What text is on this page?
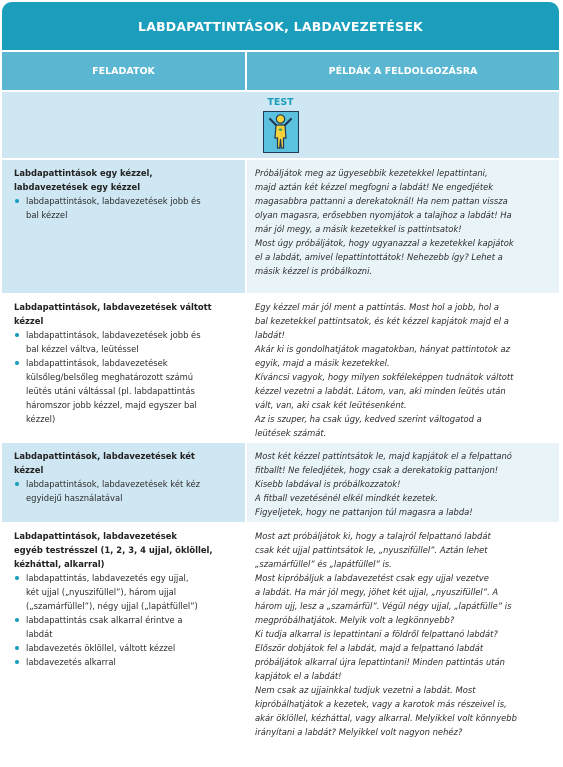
LABDAPATTINTÁSOK, LABDAVEZETÉSEK
FELADATOK	PÉLDÁK A FELDOLGOZÁSRA
TEST
Labdapattintások egy kézzel,
labdavezetések egy kézzel
labdapattintások, labdavezetések jobb és
bal kézzel
Próbáljátok meg az ügyesebbik kezetekkel lepattintani,
majd aztán két kézzel megfogni a labdát! Ne engedjétek
magasabbra pattanni a derekatoknál! Ha nem pattan vissza
olyan magasra, erősebben nyomjátok a talajhoz a labdát! Ha
már jól megy, a másik kezetekkel is pattintsatok!
Most úgy próbáljátok, hogy ugyanazzal a kezetekkel kapjátok
el a labdát, amivel lepattintottátok! Nehezebb így? Lehet a
másik kézzel is próbálkozni.
Labdapattintások, labdavezetések váltott
kézzel
labdapattintások, labdavezetések jobb és
bal kézzel váltva, leütéssel
labdapattintások, labdavezetések
külsőleg/belsőleg meghatározott számú
leütés utáni váltással (pl. labdapattintás
háromszor jobb kézzel, majd egyszer bal
kézzel)
Egy kézzel már jól ment a pattintás. Most hol a jobb, hol a
bal kezetekkel pattintsatok, és két kézzel kapjátok majd el a
labdát!
Akár ki is gondolhatjátok magatokban, hányat pattintotok az
egyik, majd a másik kezetekkel.
Kíváncsi vagyok, hogy milyen sokféleképpen tudnátok váltott
kézzel vezetni a labdát. Látom, van, aki minden leütés után
vált, van, aki csak két leütésenként.
Az is szuper, ha csak úgy, kedved szerint váltogatod a
leütések számát.
Labdapattintások, labdavezetések két
kézzel
labdapattintások, labdavezetések két kéz
egyidejű használatával
Most két kézzel pattintsátok le, majd kapjátok el a felpattanó
fitballt! Ne feledjétek, hogy csak a derekatokig pattanjon!
Kisebb labdával is próbálkozzatok!
A fitball vezetésénél elkél mindkét kezetek.
Figyeljetek, hogy ne pattanjon túl magasra a labda!
Labdapattintások, labdavezetések
egyéb testrésszel (1, 2, 3, 4 ujjal, öklöllel,
kézháttal, alkarral)
labdapattintás, labdavezetés egy ujjal,
két ujjal („nyuszifüllel”), három ujjal
(„szamárfüllel”), négy ujjal („lapátfüllel”)
labdapattintás csak alkarral érintve a
labdát
labdavezetés öklöllel, váltott kézzel
labdavezetés alkarral
Most azt próbáljátok ki, hogy a talajról felpattanó labdát
csak két ujjal pattintsátok le, „nyuszifüllel”. Aztán lehet
„szamárfüllel” és „lapátfüllel” is.
Most kipróbáljuk a labdavezetést csak egy ujjal vezetve
a labdát. Ha már jól megy, jöhet két ujjal, „nyuszifüllel”. A
három ujj, lesz a „szamárfül”. Végül négy ujjal, „lapátfülle” is
megpróbálhatjátok. Melyik volt a legkönnyebb?
Ki tudja alkarral is lepattintani a földről felpattanó labdát?
Először dobjátok fel a labdát, majd a felpattanó labdát
próbáljátok alkarral újra lepattintani! Minden pattintás után
kapjátok el a labdát!
Nem csak az ujjainkkal tudjuk vezetni a labdát. Most
kipróbálhatjátok a kezetek, vagy a karotok más részeivel is,
akár öklöllel, kézháttal, vagy alkarral. Melyikkel volt könnyebb
irányítani a labdát? Melyikkel volt nagyon nehéz?
